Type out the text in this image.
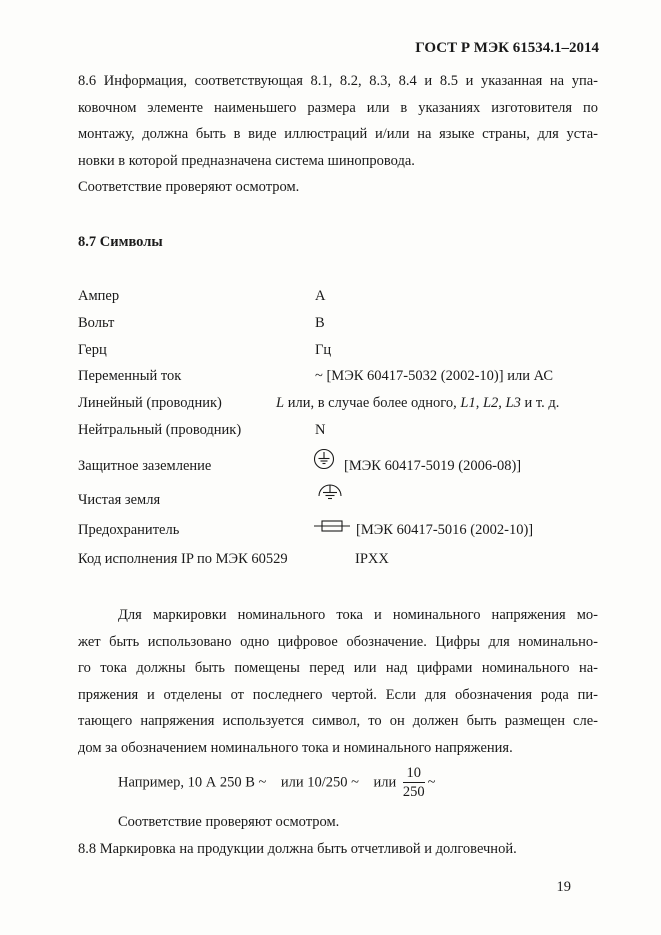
ГОСТ Р МЭК 61534.1–2014
8.6 Информация, соответствующая 8.1, 8.2, 8.3, 8.4 и 8.5 и указанная на упа-
ковочном элементе наименьшего размера или в указаниях изготовителя по
монтажу, должна быть в виде иллюстраций и/или на языке страны, для уста-
новки в которой предназначена система шинопровода.
Соответствие проверяют осмотром.
8.7 Символы
Ампер	А
Вольт	В
Герц	Гц
Переменный ток	~ [МЭК 60417-5032 (2002-10)] или АС
Линейный (проводник)	L или, в случае более одного, L1, L2, L3 и т. д.
Нейтральный (проводник)	N
Защитное заземление	[МЭК 60417-5019 (2006-08)]
Чистая земля
Предохранитель	[МЭК 60417-5016 (2002-10)]
Код исполнения IP по МЭК 60529	IPXX
Для маркировки номинального тока и номинального напряжения мо-
жет быть использовано одно цифровое обозначение. Цифры для номинально-
го тока должны быть помещены перед или над цифрами номинального на-
пряжения и отделены от последнего чертой. Если для обозначения рода пи-
тающего напряжения используется символ, то он должен быть размещен сле-
дом за обозначением номинального тока и номинального напряжения.
Например, 10 А 250 В ~    или 10/250 ~    или $\frac{10}{250}$ ~
Соответствие проверяют осмотром.
8.8 Маркировка на продукции должна быть отчетливой и долговечной.
19
